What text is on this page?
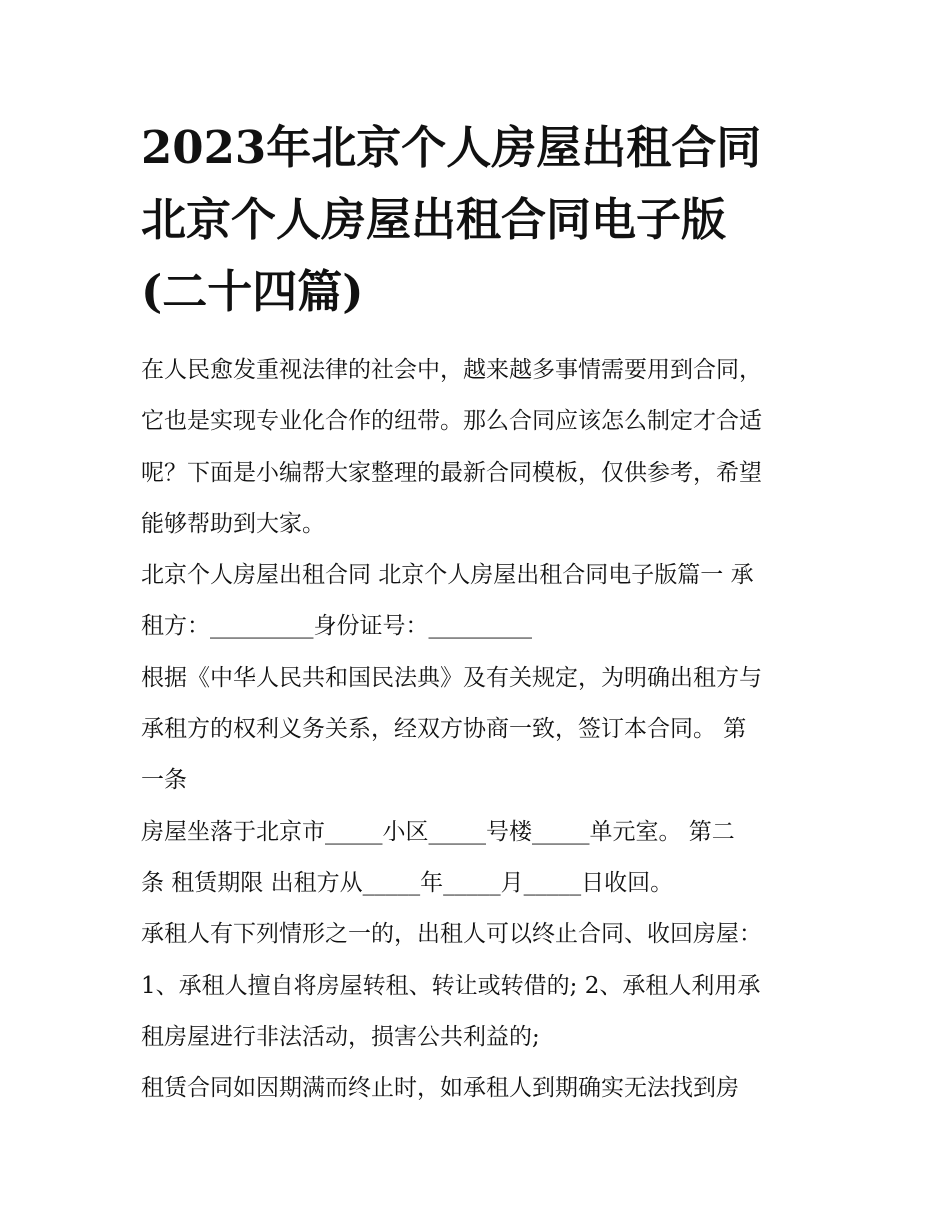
2023年北京个人房屋出租合同
北京个人房屋出租合同电子版
(二十四篇)

在人民愈发重视法律的社会中，越来越多事情需要用到合同，
它也是实现专业化合作的纽带。那么合同应该怎么制定才合适
呢？下面是小编帮大家整理的最新合同模板，仅供参考，希望
能够帮助到大家。

北京个人房屋出租合同 北京个人房屋出租合同电子版篇一 承
租方：_________身份证号：_________

根据《中华人民共和国民法典》及有关规定，为明确出租方与
承租方的权利义务关系，经双方协商一致，签订本合同。 第
一条

房屋坐落于北京市_____小区_____号楼_____单元室。 第二
条 租赁期限 出租方从_____年_____月_____日收回。

承租人有下列情形之一的，出租人可以终止合同、收回房屋：
1、承租人擅自将房屋转租、转让或转借的; 2、承租人利用承
租房屋进行非法活动，损害公共利益的;

租赁合同如因期满而终止时，如承租人到期确实无法找到房
